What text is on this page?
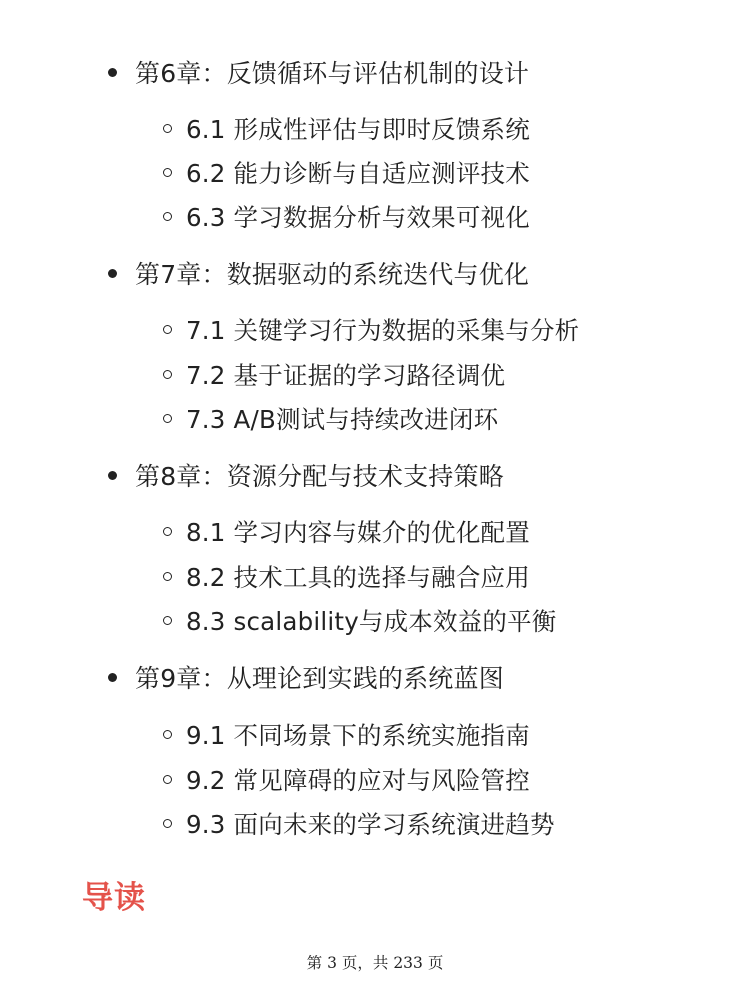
第6章：反馈循环与评估机制的设计
6.1 形成性评估与即时反馈系统
6.2 能力诊断与自适应测评技术
6.3 学习数据分析与效果可视化
第7章：数据驱动的系统迭代与优化
7.1 关键学习行为数据的采集与分析
7.2 基于证据的学习路径调优
7.3 A/B测试与持续改进闭环
第8章：资源分配与技术支持策略
8.1 学习内容与媒介的优化配置
8.2 技术工具的选择与融合应用
8.3 scalability与成本效益的平衡
第9章：从理论到实践的系统蓝图
9.1 不同场景下的系统实施指南
9.2 常见障碍的应对与风险管控
9.3 面向未来的学习系统演进趋势
导读
第 3 页，共 233 页
